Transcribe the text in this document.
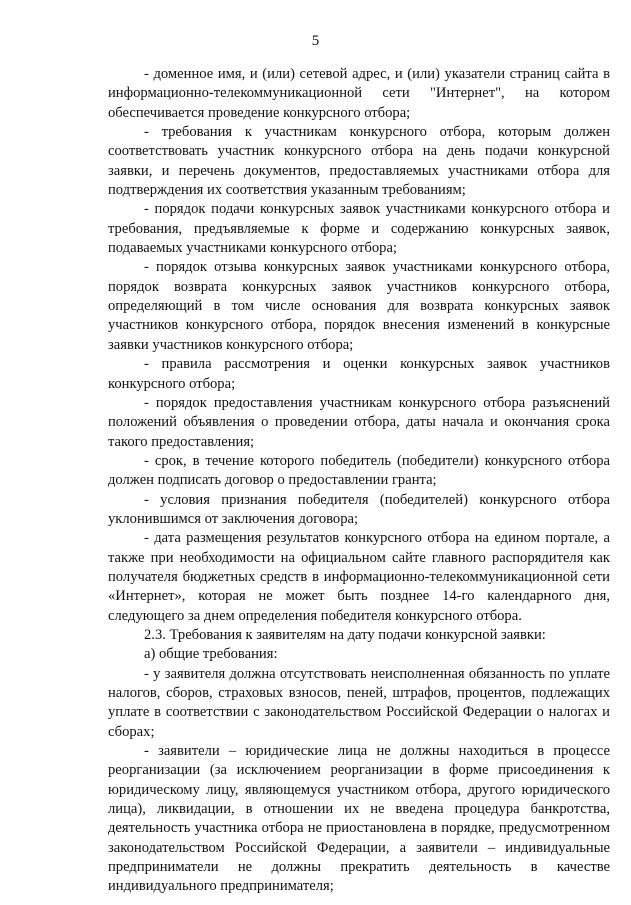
5

- доменное имя, и (или) сетевой адрес, и (или) указатели страниц сайта в информационно-телекоммуникационной сети "Интернет", на котором обеспечивается проведение конкурсного отбора;

- требования к участникам конкурсного отбора, которым должен соответствовать участник конкурсного отбора на день подачи конкурсной заявки, и перечень документов, предоставляемых участниками отбора для подтверждения их соответствия указанным требованиям;

- порядок подачи конкурсных заявок участниками конкурсного отбора и требования, предъявляемые к форме и содержанию конкурсных заявок, подаваемых участниками конкурсного отбора;

- порядок отзыва конкурсных заявок участниками конкурсного отбора, порядок возврата конкурсных заявок участников конкурсного отбора, определяющий в том числе основания для возврата конкурсных заявок участников конкурсного отбора, порядок внесения изменений в конкурсные заявки участников конкурсного отбора;

- правила рассмотрения и оценки конкурсных заявок участников конкурсного отбора;

- порядок предоставления участникам конкурсного отбора разъяснений положений объявления о проведении отбора, даты начала и окончания срока такого предоставления;

- срок, в течение которого победитель (победители) конкурсного отбора должен подписать договор о предоставлении гранта;

- условия признания победителя (победителей) конкурсного отбора уклонившимся от заключения договора;

- дата размещения результатов конкурсного отбора на едином портале, а также при необходимости на официальном сайте главного распорядителя как получателя бюджетных средств в информационно-телекоммуникационной сети «Интернет», которая не может быть позднее 14-го календарного дня, следующего за днем определения победителя конкурсного отбора.

2.3. Требования к заявителям на дату подачи конкурсной заявки:

а) общие требования:

- у заявителя должна отсутствовать неисполненная обязанность по уплате налогов, сборов, страховых взносов, пеней, штрафов, процентов, подлежащих уплате в соответствии с законодательством Российской Федерации о налогах и сборах;

- заявители – юридические лица не должны находиться в процессе реорганизации (за исключением реорганизации в форме присоединения к юридическому лицу, являющемуся участником отбора, другого юридического лица), ликвидации, в отношении их не введена процедура банкротства, деятельность участника отбора не приостановлена в порядке, предусмотренном законодательством Российской Федерации, а заявители – индивидуальные предприниматели не должны прекратить деятельность в качестве индивидуального предпринимателя;
